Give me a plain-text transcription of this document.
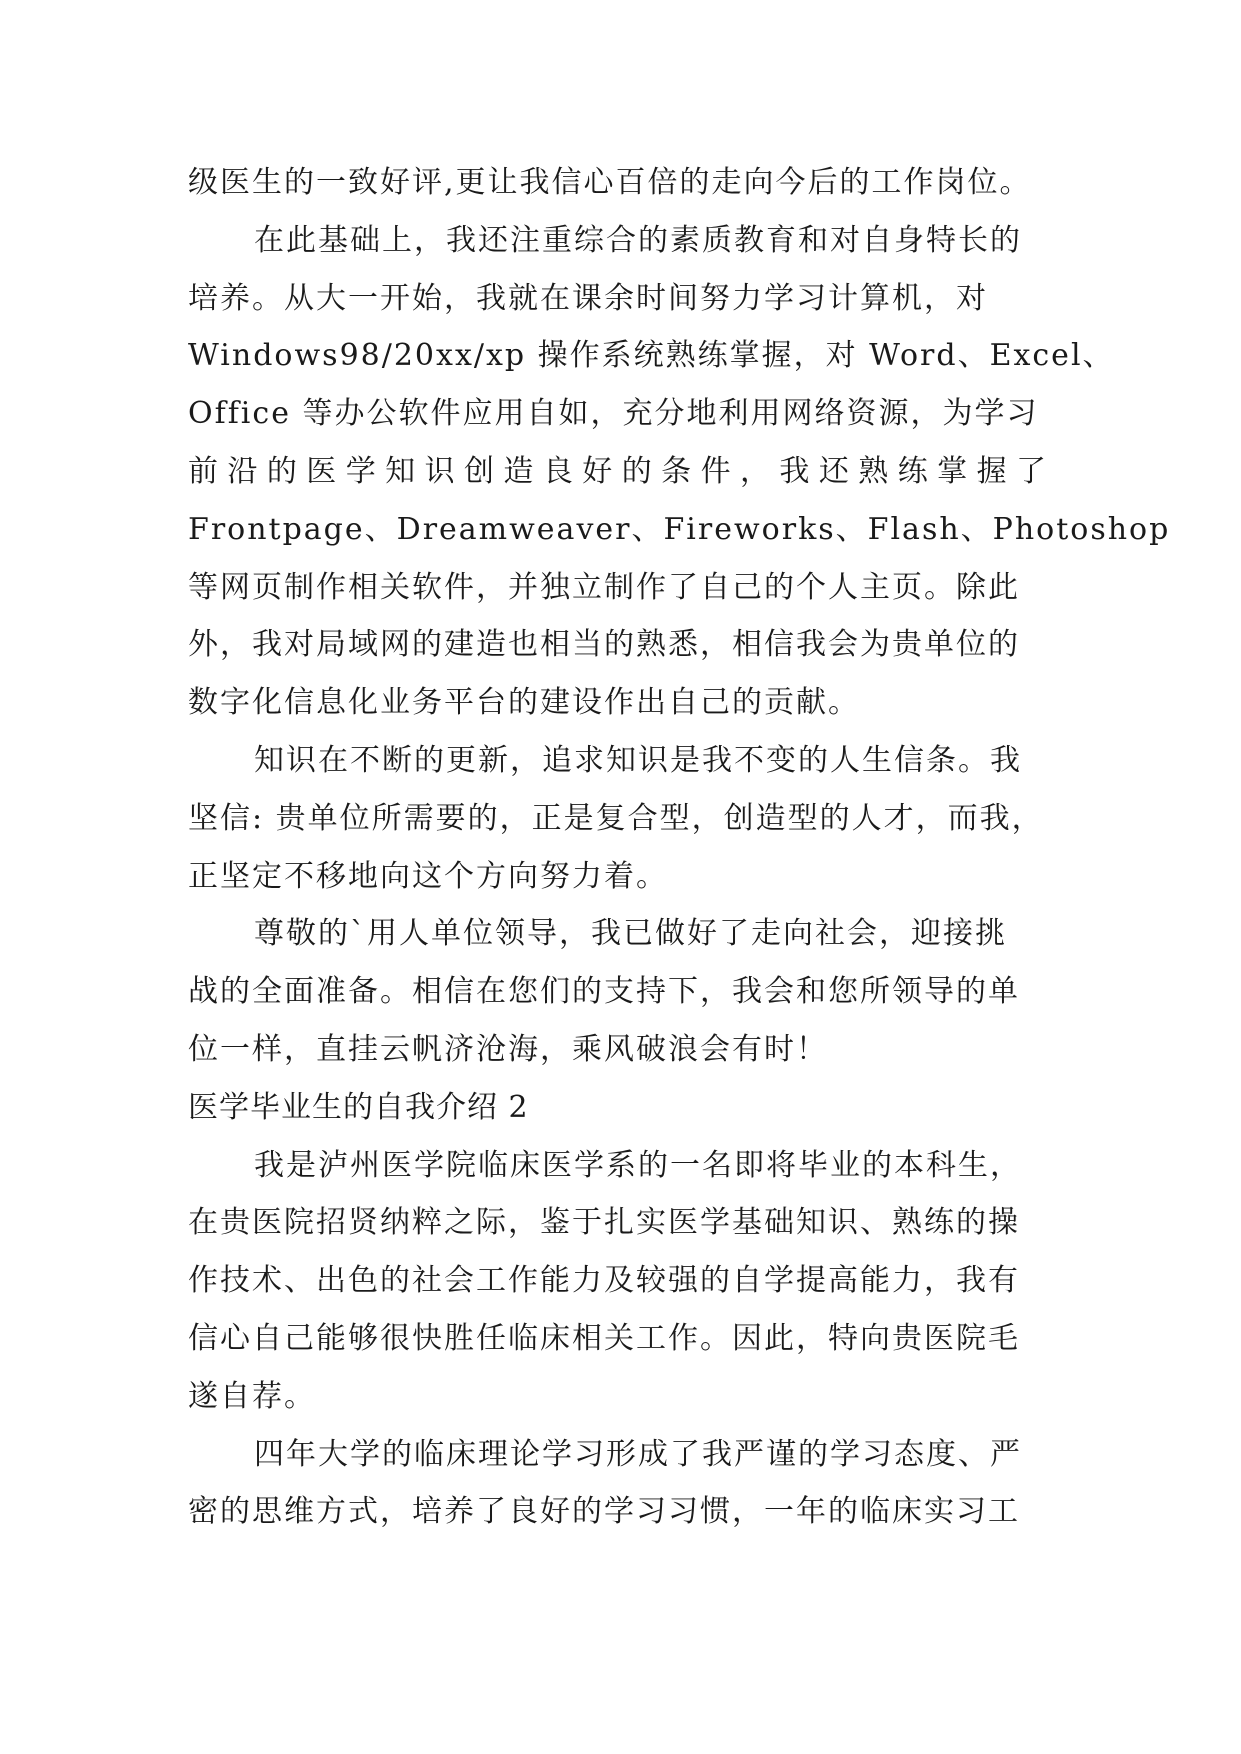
级医生的一致好评,更让我信心百倍的走向今后的工作岗位。
在此基础上，我还注重综合的素质教育和对自身特长的
培养。从大一开始，我就在课余时间努力学习计算机，对
Windows98/20xx/xp 操作系统熟练掌握，对 Word、Excel、
Office 等办公软件应用自如，充分地利用网络资源，为学习
前沿的医学知识创造良好的条件，我还熟练掌握了
Frontpage、Dreamweaver、Fireworks、Flash、Photoshop
等网页制作相关软件，并独立制作了自己的个人主页。除此
外，我对局域网的建造也相当的熟悉，相信我会为贵单位的
数字化信息化业务平台的建设作出自己的贡献。
知识在不断的更新，追求知识是我不变的人生信条。我
坚信: 贵单位所需要的，正是复合型，创造型的人才，而我，
正坚定不移地向这个方向努力着。
尊敬的`用人单位领导，我已做好了走向社会，迎接挑
战的全面准备。相信在您们的支持下，我会和您所领导的单
位一样，直挂云帆济沧海，乘风破浪会有时！
医学毕业生的自我介绍 2
我是泸州医学院临床医学系的一名即将毕业的本科生，
在贵医院招贤纳粹之际，鉴于扎实医学基础知识、熟练的操
作技术、出色的社会工作能力及较强的自学提高能力，我有
信心自己能够很快胜任临床相关工作。因此，特向贵医院毛
遂自荐。
四年大学的临床理论学习形成了我严谨的学习态度、严
密的思维方式，培养了良好的学习习惯，一年的临床实习工
